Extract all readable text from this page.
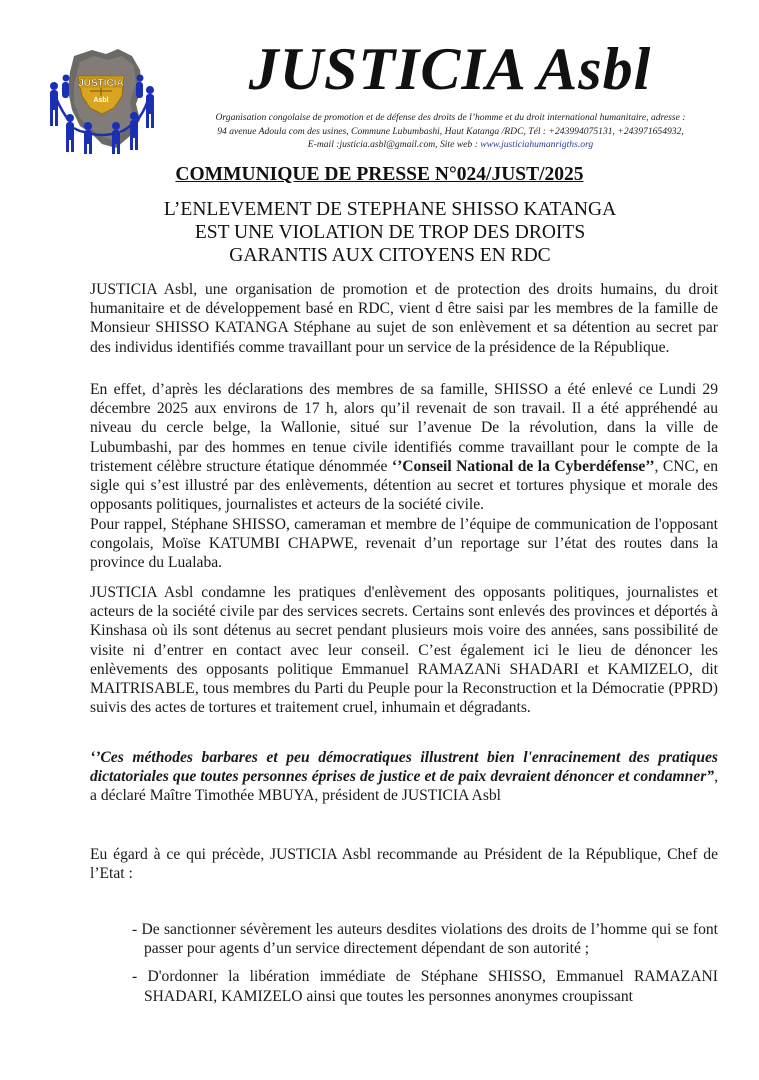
JUSTICIA
Asbl	JUSTICIA Asbl
Organisation congolaise de promotion et de défense des droits de l’homme et du droit international humanitaire, adresse :
94 avenue Adoula com des usines, Commune Lubumbashi, Haut Katanga /RDC, Tél : +243994075131, +243971654932,
E-mail :justicia.asbl@gmail.com, Site web : www.justiciahumanrigths.org
COMMUNIQUE DE PRESSE N°024/JUST/2025
L’ENLEVEMENT DE STEPHANE SHISSO KATANGA EST UNE VIOLATION DE TROP DES DROITS GARANTIS AUX CITOYENS EN RDC
JUSTICIA Asbl, une organisation de promotion et de protection des droits humains, du droit humanitaire et de développement basé en RDC, vient d être saisi par les membres de la famille de Monsieur SHISSO KATANGA Stéphane au sujet de son enlèvement et sa détention au secret par des individus identifiés comme travaillant pour un service de la présidence de la République.
En effet, d’après les déclarations des membres de sa famille, SHISSO a été enlevé ce Lundi 29 décembre 2025 aux environs de 17 h, alors qu’il revenait de son travail. Il a été appréhendé au niveau du cercle belge, la Wallonie, situé sur l’avenue De la révolution, dans la ville de Lubumbashi, par des hommes en tenue civile identifiés comme travaillant pour le compte de la tristement célèbre structure étatique dénommée ‘’Conseil National de la Cyberdéfense’’, CNC, en sigle qui s’est illustré par des enlèvements, détention au secret et tortures physique et morale des opposants politiques, journalistes et acteurs de la société civile.
Pour rappel, Stéphane SHISSO, cameraman et membre de l’équipe de communication de l'opposant congolais, Moïse KATUMBI CHAPWE, revenait d’un reportage sur l’état des routes dans la province du Lualaba.
JUSTICIA Asbl condamne les pratiques d'enlèvement des opposants politiques, journalistes et acteurs de la société civile par des services secrets. Certains sont enlevés des provinces et déportés à Kinshasa où ils sont détenus au secret pendant plusieurs mois voire des années, sans possibilité de visite ni d’entrer en contact avec leur conseil. C’est également ici le lieu de dénoncer les enlèvements des opposants politique Emmanuel RAMAZANi SHADARI et KAMIZELO, dit MAITRISABLE, tous membres du Parti du Peuple pour la Reconstruction et la Démocratie (PPRD) suivis des actes de tortures et traitement cruel, inhumain et dégradants.
‘’Ces méthodes barbares et peu démocratiques illustrent bien l'enracinement des pratiques dictatoriales que toutes personnes éprises de justice et de paix devraient dénoncer et condamner”, a déclaré Maître Timothée MBUYA, président de JUSTICIA Asbl
Eu égard à ce qui précède, JUSTICIA Asbl recommande au Président de la République, Chef de l’Etat :
- De sanctionner sévèrement les auteurs desdites violations des droits de l’homme qui se font passer pour agents d’un service directement dépendant de son autorité ;
- D'ordonner la libération immédiate de Stéphane SHISSO, Emmanuel RAMAZANI SHADARI, KAMIZELO ainsi que toutes les personnes anonymes croupissant
